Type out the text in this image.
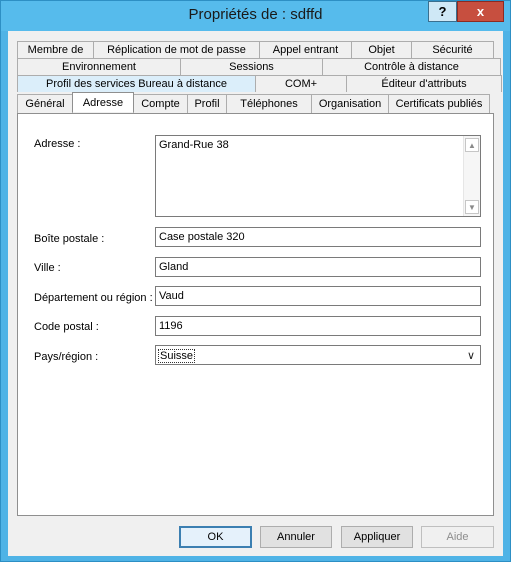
Propriétés de : sdffd	?	x
Membre de	Réplication de mot de passe	Appel entrant	Objet	Sécurité
Environnement	Sessions	Contrôle à distance
Profil des services Bureau à distance	COM+	Éditeur d'attributs
Général	Adresse	Compte	Profil	Téléphones	Organisation	Certificats publiés
Adresse :	Grand-Rue 38	▲
▼
Boîte postale :	Case postale 320
Ville :	Gland
Département ou région : Vaud
Code postal :	1196
Pays/région :	Suisse	∨
OK	Annuler	Appliquer	Aide
